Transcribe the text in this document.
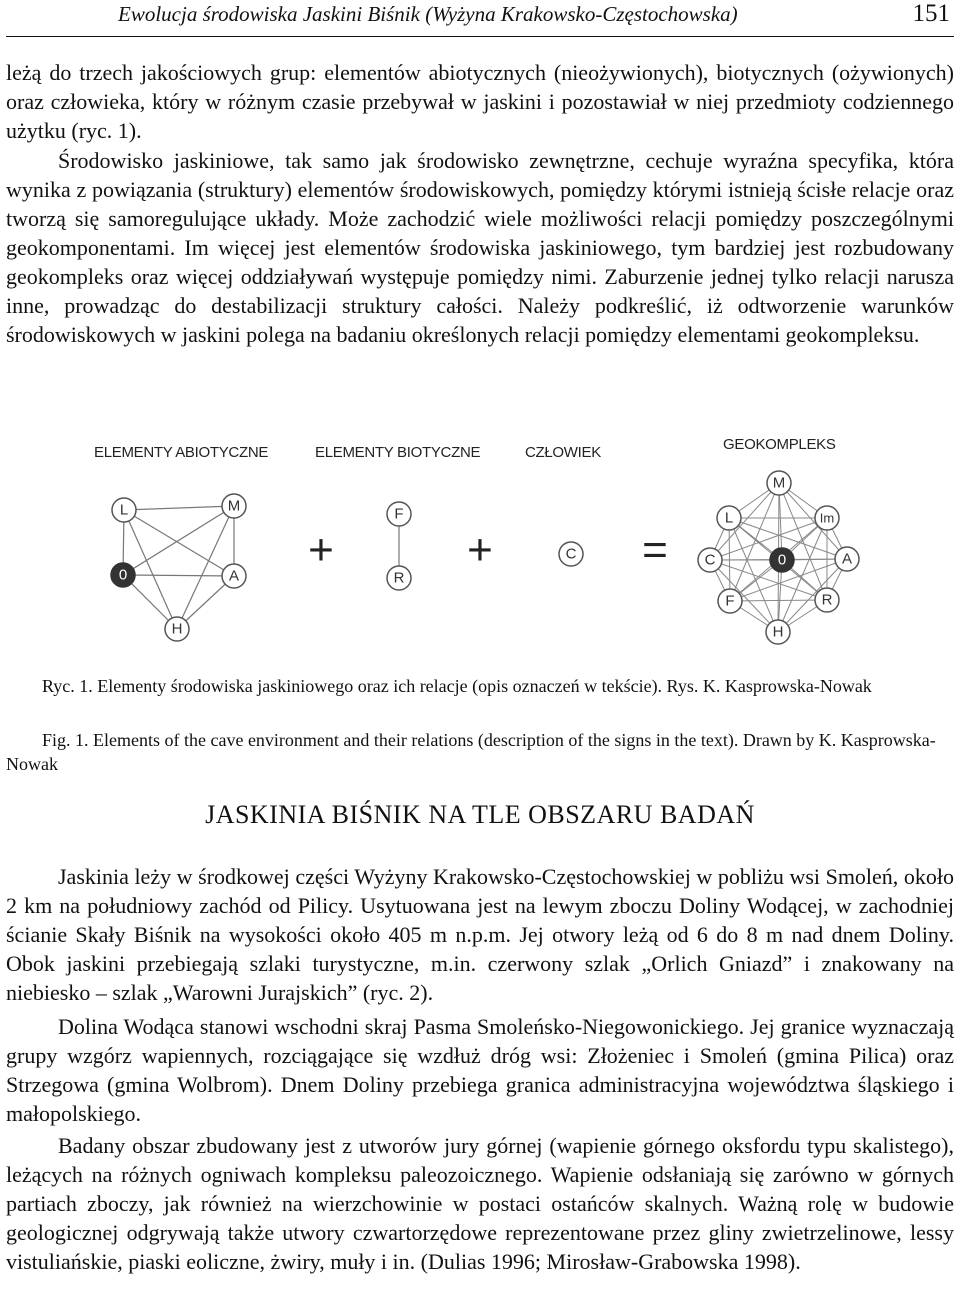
Ewolucja środowiska Jaskini Biśnik (Wyżyna Krakowsko-Częstochowska)	151

leżą do trzech jakościowych grup: elementów abiotycznych (nieożywionych), biotycznych (ożywionych) oraz człowieka, który w różnym czasie przebywał w jaskini i pozostawiał w niej przedmioty codziennego użytku (ryc. 1).

Środowisko jaskiniowe, tak samo jak środowisko zewnętrzne, cechuje wyraźna specyfika, która wynika z powiązania (struktury) elementów środowiskowych, pomiędzy którymi istnieją ścisłe relacje oraz tworzą się samoregulujące układy. Może zachodzić wiele możliwości relacji pomiędzy poszczególnymi geokomponentami. Im więcej jest elementów środowiska jaskiniowego, tym bardziej jest rozbudowany geokompleks oraz więcej oddziaływań występuje pomiędzy nimi. Zaburzenie jednej tylko relacji narusza inne, prowadząc do destabilizacji struktury całości. Należy podkreślić, iż odtworzenie warunków środowiskowych w jaskini polega na badaniu określonych relacji pomiędzy elementami geokompleksu.

ELEMENTY ABIOTYCZNE	ELEMENTY BIOTYCZNE	CZŁOWIEK	GEOKOMPLEKS
L	M
0	A
H
+
F
R
+	C =
M
L	Im
C	A
0
F	R
H

Ryc. 1. Elementy środowiska jaskiniowego oraz ich relacje (opis oznaczeń w tekście). Rys. K. Kasprowska-Nowak

Fig. 1. Elements of the cave environment and their relations (description of the signs in the text). Drawn by K. Kasprowska-Nowak

JASKINIA BIŚNIK NA TLE OBSZARU BADAŃ

Jaskinia leży w środkowej części Wyżyny Krakowsko-Częstochowskiej w pobliżu wsi Smoleń, około 2 km na południowy zachód od Pilicy. Usytuowana jest na lewym zboczu Doliny Wodącej, w zachodniej ścianie Skały Biśnik na wysokości około 405 m n.p.m. Jej otwory leżą od 6 do 8 m nad dnem Doliny. Obok jaskini przebiegają szlaki turystyczne, m.in. czerwony szlak „Orlich Gniazd” i znakowany na niebiesko – szlak „Warowni Jurajskich” (ryc. 2).

Dolina Wodąca stanowi wschodni skraj Pasma Smoleńsko-Niegowonickiego. Jej granice wyznaczają grupy wzgórz wapiennych, rozciągające się wzdłuż dróg wsi: Złożeniec i Smoleń (gmina Pilica) oraz Strzegowa (gmina Wolbrom). Dnem Doliny przebiega granica administracyjna województwa śląskiego i małopolskiego.

Badany obszar zbudowany jest z utworów jury górnej (wapienie górnego oksfordu typu skalistego), leżących na różnych ogniwach kompleksu paleozoicznego. Wapienie odsłaniają się zarówno w górnych partiach zboczy, jak również na wierzchowinie w postaci ostańców skalnych. Ważną rolę w budowie geologicznej odgrywają także utwory czwartorzędowe reprezentowane przez gliny zwietrzelinowe, lessy vistuliańskie, piaski eoliczne, żwiry, muły i in. (Dulias 1996; Mirosław-Grabowska 1998).
